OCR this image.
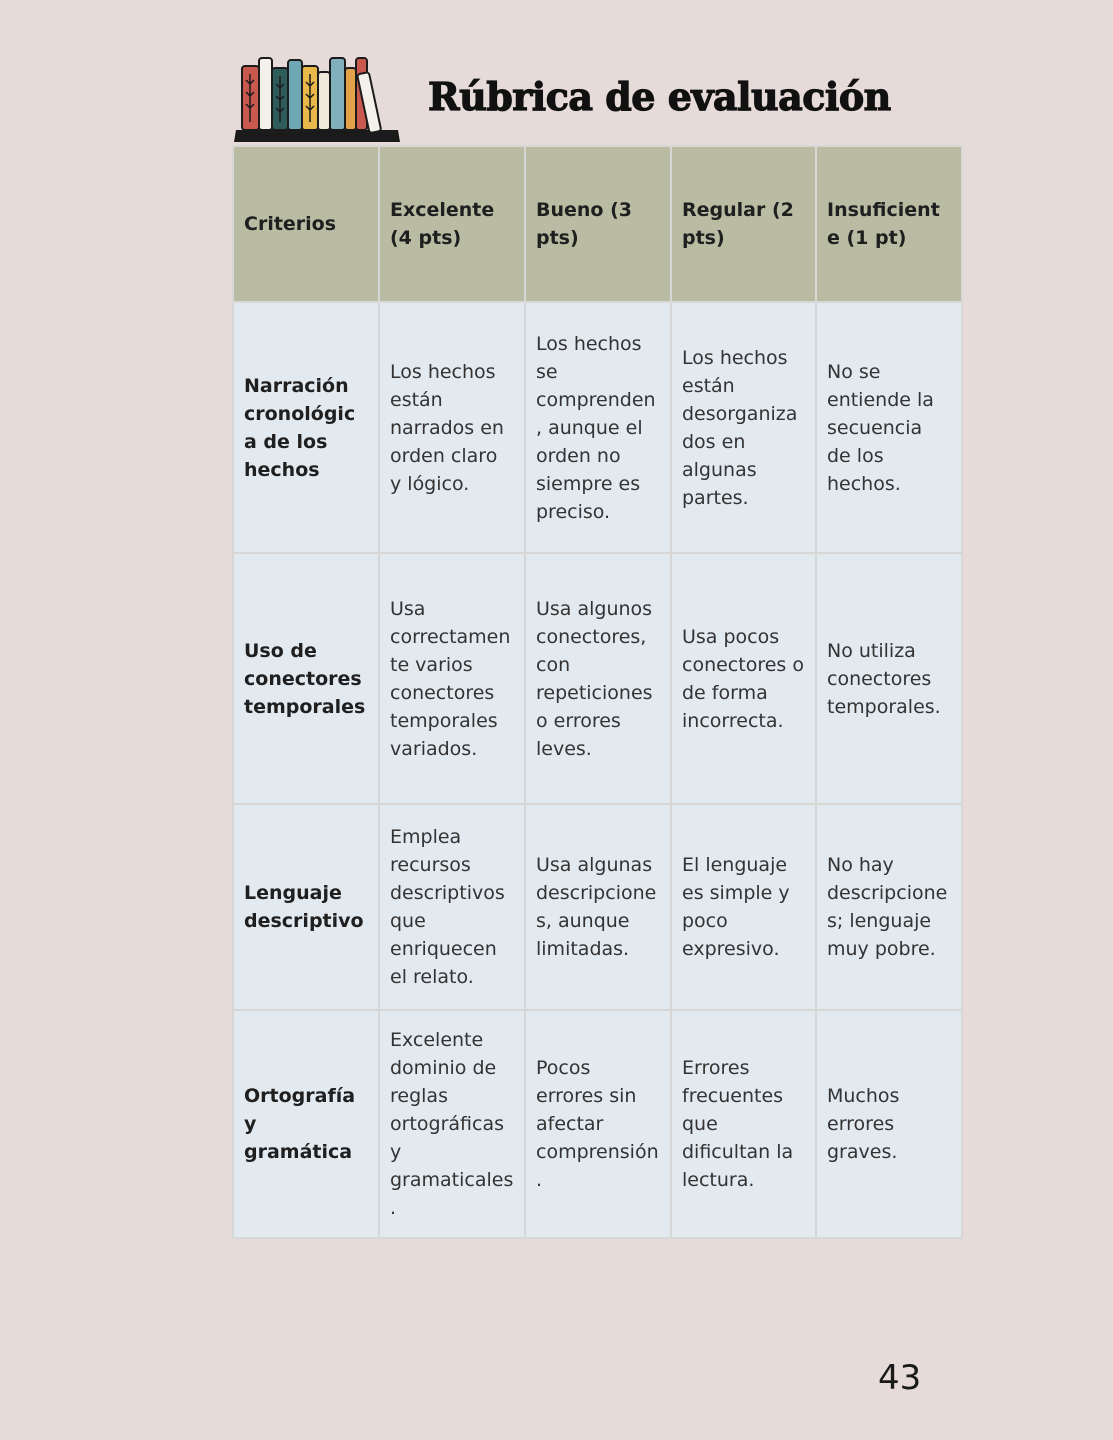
Rúbrica de evaluación
Criterios	Excelente (4 pts)	Bueno (3 pts)	Regular (2 pts)	Insuficiente (1 pt)
Narración cronológica de los hechos	Los hechos están narrados en orden claro y lógico.	Los hechos se comprenden , aunque el orden no siempre es preciso.	Los hechos están desorganizados en algunas partes.	No se entiende la secuencia de los hechos.
Uso de conectores temporales	Usa correctamente varios conectores temporales variados.	Usa algunos conectores, con repeticiones o errores leves.	Usa pocos conectores o de forma incorrecta.	No utiliza conectores temporales.
Lenguaje descriptivo	Emplea recursos descriptivos que enriquecen el relato.	Usa algunas descripciones, aunque limitadas.	El lenguaje es simple y poco expresivo.	No hay descripciones; lenguaje muy pobre.
Ortografía y gramática	Excelente dominio de reglas ortográficas y gramaticales.	Pocos errores sin afectar comprensión .	Errores frecuentes que dificultan la lectura.	Muchos errores graves.
43
